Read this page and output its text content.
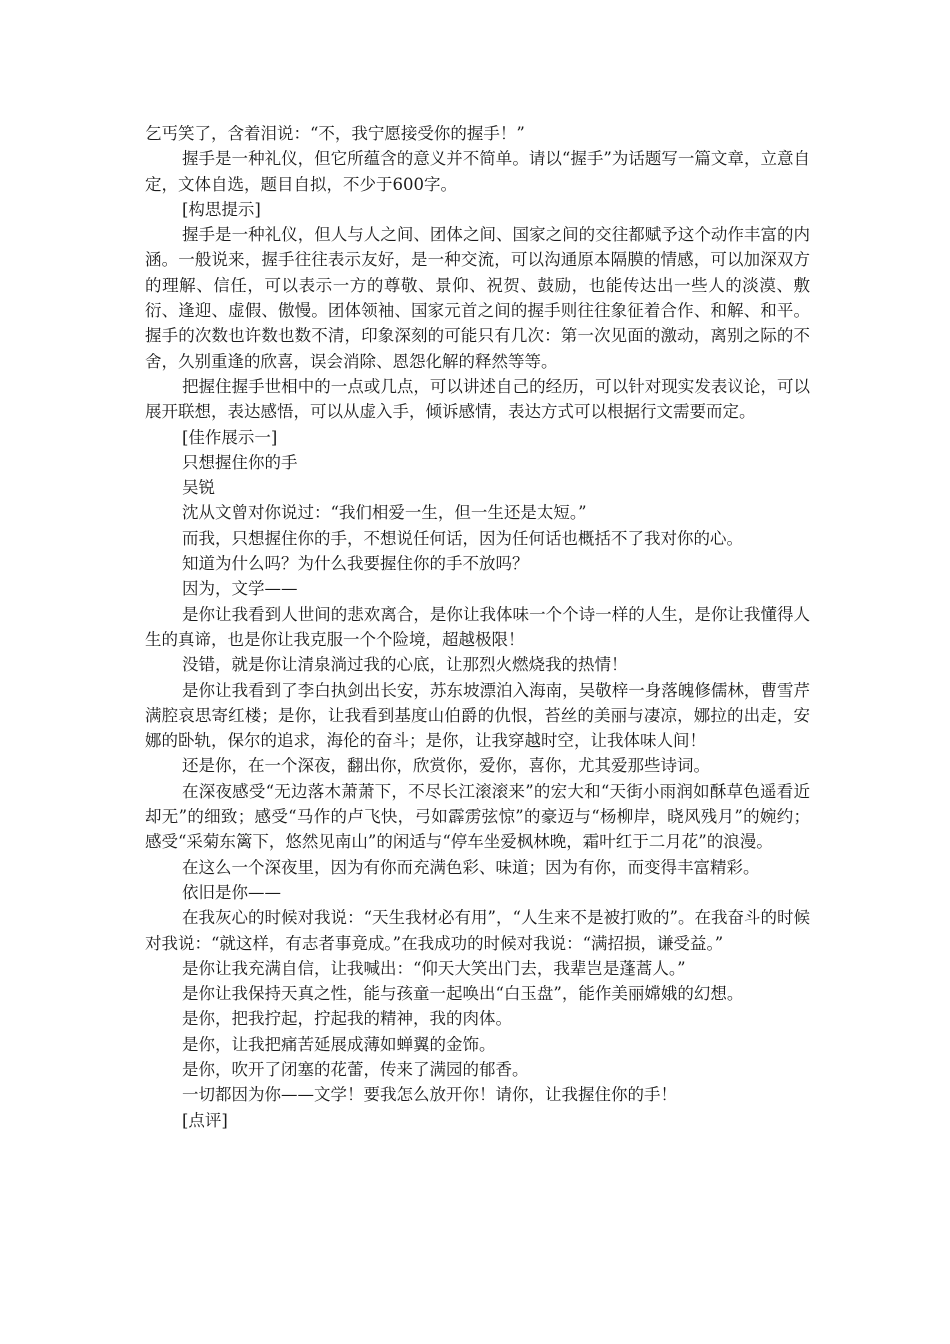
乞丐笑了，含着泪说：“不，我宁愿接受你的握手！”

握手是一种礼仪，但它所蕴含的意义并不简单。请以“握手”为话题写一篇文章，立意自定，文体自选，题目自拟，不少于600字。

[构思提示]

握手是一种礼仪，但人与人之间、团体之间、国家之间的交往都赋予这个动作丰富的内涵。一般说来，握手往往表示友好，是一种交流，可以沟通原本隔膜的情感，可以加深双方的理解、信任，可以表示一方的尊敬、景仰、祝贺、鼓励，也能传达出一些人的淡漠、敷衍、逢迎、虚假、傲慢。团体领袖、国家元首之间的握手则往往象征着合作、和解、和平。握手的次数也许数也数不清，印象深刻的可能只有几次：第一次见面的激动，离别之际的不舍，久别重逢的欣喜，误会消除、恩怨化解的释然等等。

把握住握手世相中的一点或几点，可以讲述自己的经历，可以针对现实发表议论，可以展开联想，表达感悟，可以从虚入手，倾诉感情，表达方式可以根据行文需要而定。

[佳作展示一]

只想握住你的手

吴锐

沈从文曾对你说过：“我们相爱一生，但一生还是太短。”

而我，只想握住你的手，不想说任何话，因为任何话也概括不了我对你的心。

知道为什么吗？为什么我要握住你的手不放吗？

因为，文学——

是你让我看到人世间的悲欢离合，是你让我体味一个个诗一样的人生，是你让我懂得人生的真谛，也是你让我克服一个个险境，超越极限！

没错，就是你让清泉淌过我的心底，让那烈火燃烧我的热情！

是你让我看到了李白执剑出长安，苏东坡漂泊入海南，吴敬梓一身落魄修儒林，曹雪芹满腔哀思寄红楼；是你，让我看到基度山伯爵的仇恨，苔丝的美丽与凄凉，娜拉的出走，安娜的卧轨，保尔的追求，海伦的奋斗；是你，让我穿越时空，让我体味人间！

还是你，在一个深夜，翻出你，欣赏你，爱你，喜你，尤其爱那些诗词。

在深夜感受“无边落木萧萧下，不尽长江滚滚来”的宏大和“天街小雨润如酥草色遥看近却无”的细致；感受“马作的卢飞快，弓如霹雳弦惊”的豪迈与“杨柳岸，晓风残月”的婉约；感受“采菊东篱下，悠然见南山”的闲适与“停车坐爱枫林晚，霜叶红于二月花”的浪漫。

在这么一个深夜里，因为有你而充满色彩、味道；因为有你，而变得丰富精彩。

依旧是你——

在我灰心的时候对我说：“天生我材必有用”，“人生来不是被打败的”。在我奋斗的时候对我说：“就这样，有志者事竟成。”在我成功的时候对我说：“满招损，谦受益。”

是你让我充满自信，让我喊出：“仰天大笑出门去，我辈岂是蓬蒿人。”

是你让我保持天真之性，能与孩童一起唤出“白玉盘”，能作美丽嫦娥的幻想。

是你，把我拧起，拧起我的精神，我的肉体。

是你，让我把痛苦延展成薄如蝉翼的金饰。

是你，吹开了闭塞的花蕾，传来了满园的郁香。

一切都因为你——文学！要我怎么放开你！请你，让我握住你的手！

[点评]
